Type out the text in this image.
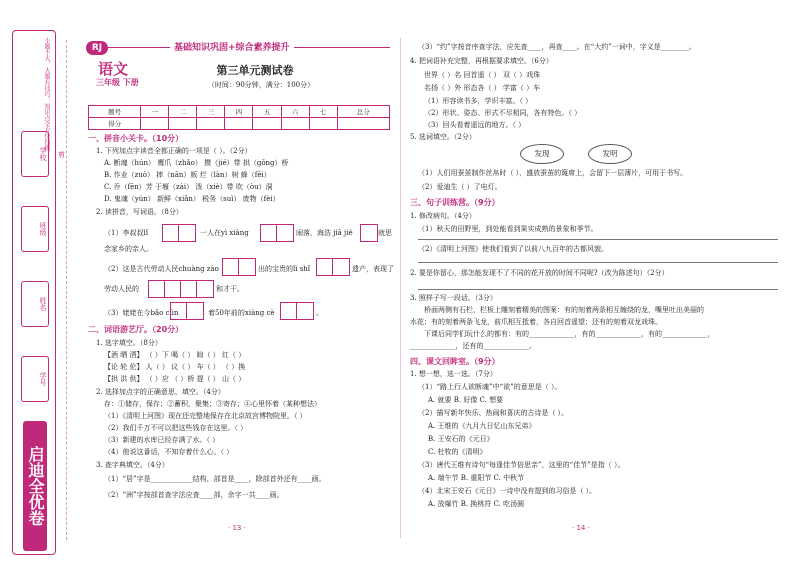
小题不大，大题有技巧，知识点全方位扫描
学校
班级
姓名
学号
启迪全优卷
剪
RJ	基础知识巩固+综合素养提升
语文
三年级 下册
第三单元测试卷
（时间：90分钟，满分：100分）
题号	一	二	三	四	五	六	七	总分
得分								
一、拼音小关卡。（10分）
1. 下列加点字读音全都正确的一项是（ ）。（2分）
A. 断魂（hún） 鹰爪（zhǎo） 攒（jié）带 拱（gǒng）桥
B. 作业（zuò） 摔（nān）贩 烂（làn）树 蜂（fēi）
C. 乔（fēn）芳 于堰（zài） 泼（xiè）带 吹（òu）洞
D. 鬼魂（yún） 新鲜（xiǎn） 税务（suì） 废物（fèi）
2. 读拼音，写词语。（8分）
（1）李叔叔lǐ	一人在yì xiàng	闹落，海浩 jiā jié	就思
念家乡的亲人。
（2）这是古代劳动人民chuàng zào	出的宝贵的lì shǐ	遗产，表现了
劳动人民的	和才干。
（3）姥姥在今bǎo cún	着50年前的xiàng cè	。
二、词语游艺厅。（20分）
1. 选字填空。（8分）
【酒 晒 洒】 （ ）下 喝（ ） 晾（ ） 红（ ）
【论 轮 伦】 人（ ） 议（ ） 车（ ） （ ）换
【拱 洪 供】 （ ）应 （ ）桥 提（ ） 山（ ）
2. 选择加点字的正确意思，填空。（4分）
存：①储存，保存；②蓄积，聚集；③寄存；④心里怀着（某种想法）
（1）《清明上河图》现在还完整地保存在北京故宫博物院里。（ ）
（2）我们千万不可以把这些钱存在这里。（ ）
（3）新建的水库已经存满了水。（ ）
（4）他说这番话，不知存着什么心。（ ）
3. 查字典填空。（4分）
（1）“居”字是____________结构，部首是____，除部首外还有____画。
（2）“洲”字按部首查字法应查____部，余字一共____画。
· 13 ·
（3）“约”字按音序查字法，应先查____，再查____。在“大约”一词中，字义是________。
4. 把词语补充完整，再根据要求填空。（6分）
世界（ ）名 回首遥（ ） 双（ ）戏珠
名扬（ ）外 形态各（ ） 学富（ ）车
（1）形容读书多，学识丰富。（ ）
（2）形状、姿态、形式不尽相同，各有特色。（ ）
（3）回头看着遥远的地方。（ ）
5. 选词填空。（2分）
发现	发明
（1）人们用蚕茧制作丝帛时（ ），盛放蚕茧的篾席上，会留下一层薄片，可用于书写。
（2）爱迪生（ ）了电灯。
三、句子训练营。（9分）
1. 修改病句。（4分）
（1）秋天的田野里，到处能看到果实成熟的景象和季节。
（2）《清明上河图》使我们看到了以前八九百年的古都风貌。
2. 要是你留心，那怎能发现不了不同的花开放的时间不同呢?（改为陈述句）（2分）
3. 照样子写一段话。（3分）
桥面两侧有石栏，栏板上雕刻着精美的图案：有的刻着两条相互缠绕的龙，嘴里吐出美丽的
水花；有的刻着两条飞龙，前爪相互抵着，各自回首遥望；还有的刻着双龙戏珠。
下课后同学们玩什么的都有：有的_____________，有的_____________，有的_____________，
_____________，还有的_____________。
四、课文回眸室。（9分）
1. 想一想，选一选。（7分）
（1）“路上行人欲断魂”中“欲”的意思是（ ）。
A. 就要 B. 好像 C. 想要
（2）描写新年快乐、热闹和喜庆的古诗是（ ）。
A. 王维的《九月九日忆山东兄弟》
B. 王安石的《元日》
C. 杜牧的《清明》
（3）唐代王维有诗句“每逢佳节倍思亲”，这里的“佳节”是指（ ）。
A. 端午节 B. 重阳节 C. 中秋节
（4）北宋王安石《元日》一诗中没有提到的习俗是（ ）。
A. 放爆竹 B. 换桃符 C. 吃汤圆
· 14 ·
